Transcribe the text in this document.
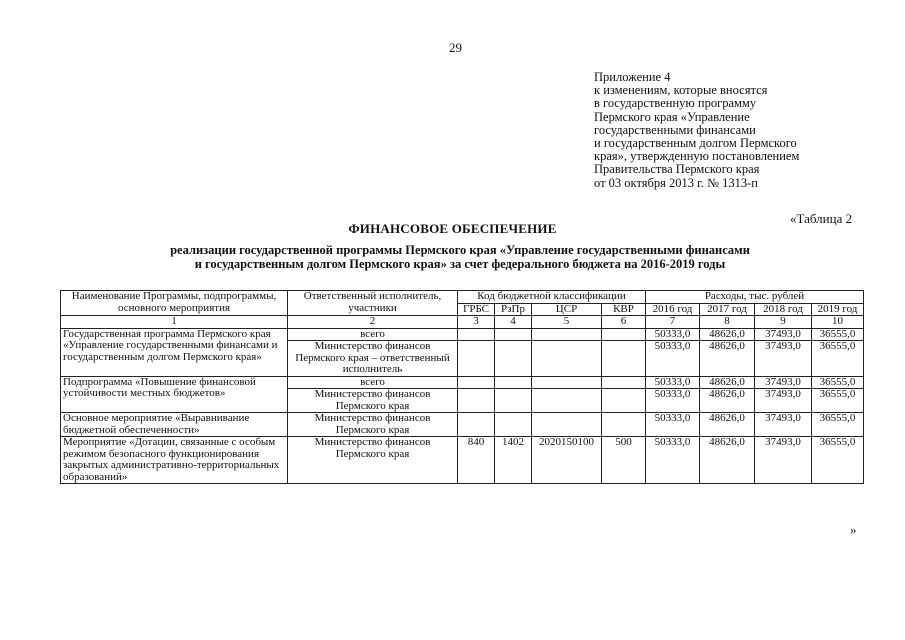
29
Приложение 4
к изменениям, которые вносятся
в государственную программу
Пермского края «Управление
государственными финансами
и государственным долгом Пермского
края», утвержденную постановлением
Правительства Пермского края
от 03 октября 2013 г. № 1313-п
«Таблица 2
ФИНАНСОВОЕ ОБЕСПЕЧЕНИЕ
реализации государственной программы Пермского края «Управление государственными финансами
и государственным долгом Пермского края» за счет федерального бюджета на 2016-2019 годы
Наименование Программы, подпрограммы, основного мероприятия	Ответственный исполнитель, участники	Код бюджетной классификации				Расходы, тыс. рублей			
		ГРБС	РзПр	ЦСР	КВР	2016 год	2017 год	2018 год	2019 год
1	2	3	4	5	6	7	8	9	10
Государственная программа Пермского края «Управление государственными финансами и государственным долгом Пермского края»	всего					50333,0	48626,0	37493,0	36555,0
	Министерство финансов Пермского края – ответственный исполнитель					50333,0	48626,0	37493,0	36555,0
Подпрограмма «Повышение финансовой устойчивости местных бюджетов»	всего					50333,0	48626,0	37493,0	36555,0
	Министерство финансов Пермского края					50333,0	48626,0	37493,0	36555,0
Основное мероприятие «Выравнивание бюджетной обеспеченности»	Министерство финансов Пермского края					50333,0	48626,0	37493,0	36555,0
Мероприятие «Дотации, связанные с особым режимом безопасного функционирования закрытых административно-территориальных образований»	Министерство финансов Пермского края	840	1402	2020150100	500	50333,0	48626,0	37493,0	36555,0
»
